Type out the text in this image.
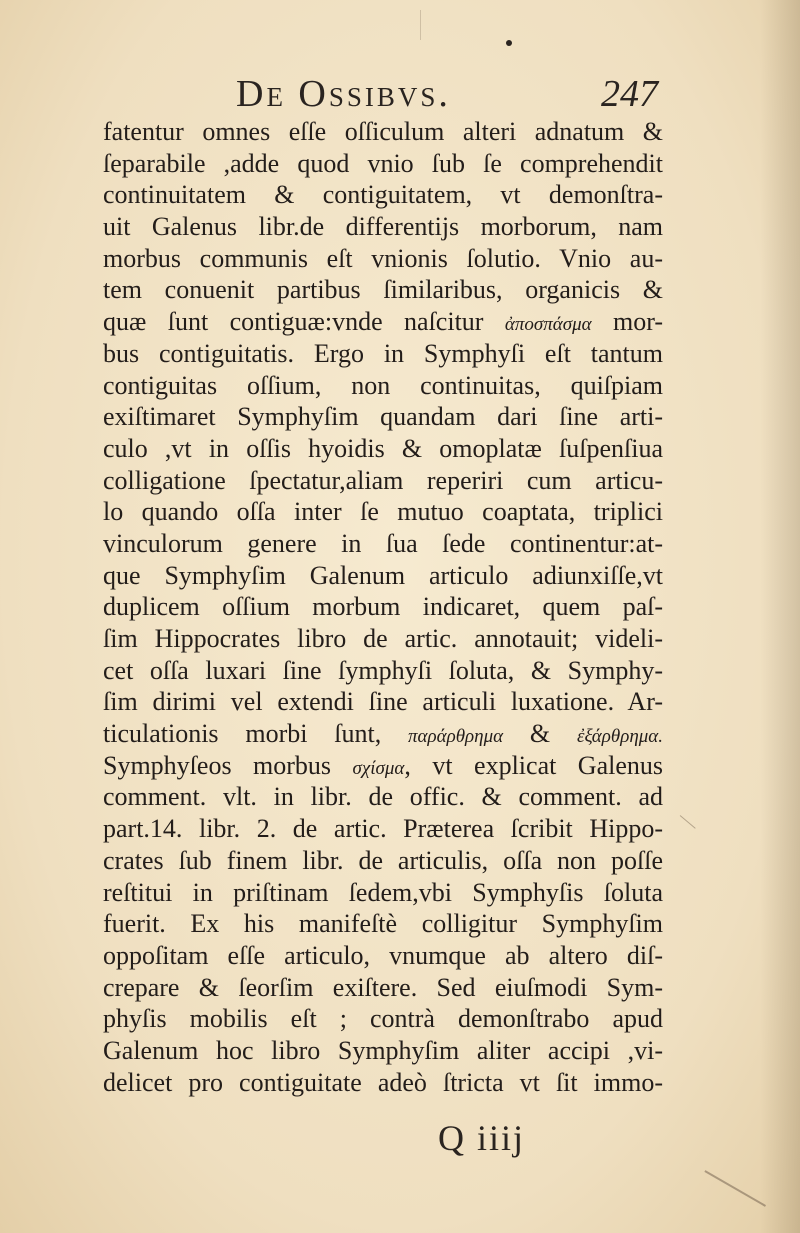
De Ossibvs.	247
fatentur omnes eſſe oſſiculum alteri adnatum &
ſeparabile ,adde quod vnio ſub ſe comprehendit
continuitatem & contiguitatem, vt demonſtra-
uit Galenus libr.de differentijs morborum, nam
morbus communis eſt vnionis ſolutio. Vnio au-
tem conuenit partibus ſimilaribus, organicis &
quæ ſunt contiguæ:vnde naſcitur ἀποσπάσμα mor-
bus contiguitatis. Ergo in Symphyſi eſt tantum
contiguitas oſſium, non continuitas, quiſpiam
exiſtimaret Symphyſim quandam dari ſine arti-
culo ,vt in oſſis hyoidis & omoplatæ ſuſpenſiua
colligatione ſpectatur,aliam reperiri cum articu-
lo quando oſſa inter ſe mutuo coaptata, triplici
vinculorum genere in ſua ſede continentur:at-
que Symphyſim Galenum articulo adiunxiſſe,vt
duplicem oſſium morbum indicaret, quem paſ-
ſim Hippocrates libro de artic. annotauit; videli-
cet oſſa luxari ſine ſymphyſi ſoluta, & Symphy-
ſim dirimi vel extendi ſine articuli luxatione. Ar-
ticulationis morbi ſunt, παράρθρημα & ἐξάρθρημα.
Symphyſeos morbus σχίσμα, vt explicat Galenus
comment. vlt. in libr. de offic. & comment. ad
part.14. libr. 2. de artic. Præterea ſcribit Hippo-
crates ſub finem libr. de articulis, oſſa non poſſe
reſtitui in priſtinam ſedem,vbi Symphyſis ſoluta
fuerit. Ex his manifeſtè colligitur Symphyſim
oppoſitam eſſe articulo, vnumque ab altero diſ-
crepare & ſeorſim exiſtere. Sed eiuſmodi Sym-
phyſis mobilis eſt ; contrà demonſtrabo apud
Galenum hoc libro Symphyſim aliter accipi ,vi-
delicet pro contiguitate adeò ſtricta vt ſit immo-
Q iiij
